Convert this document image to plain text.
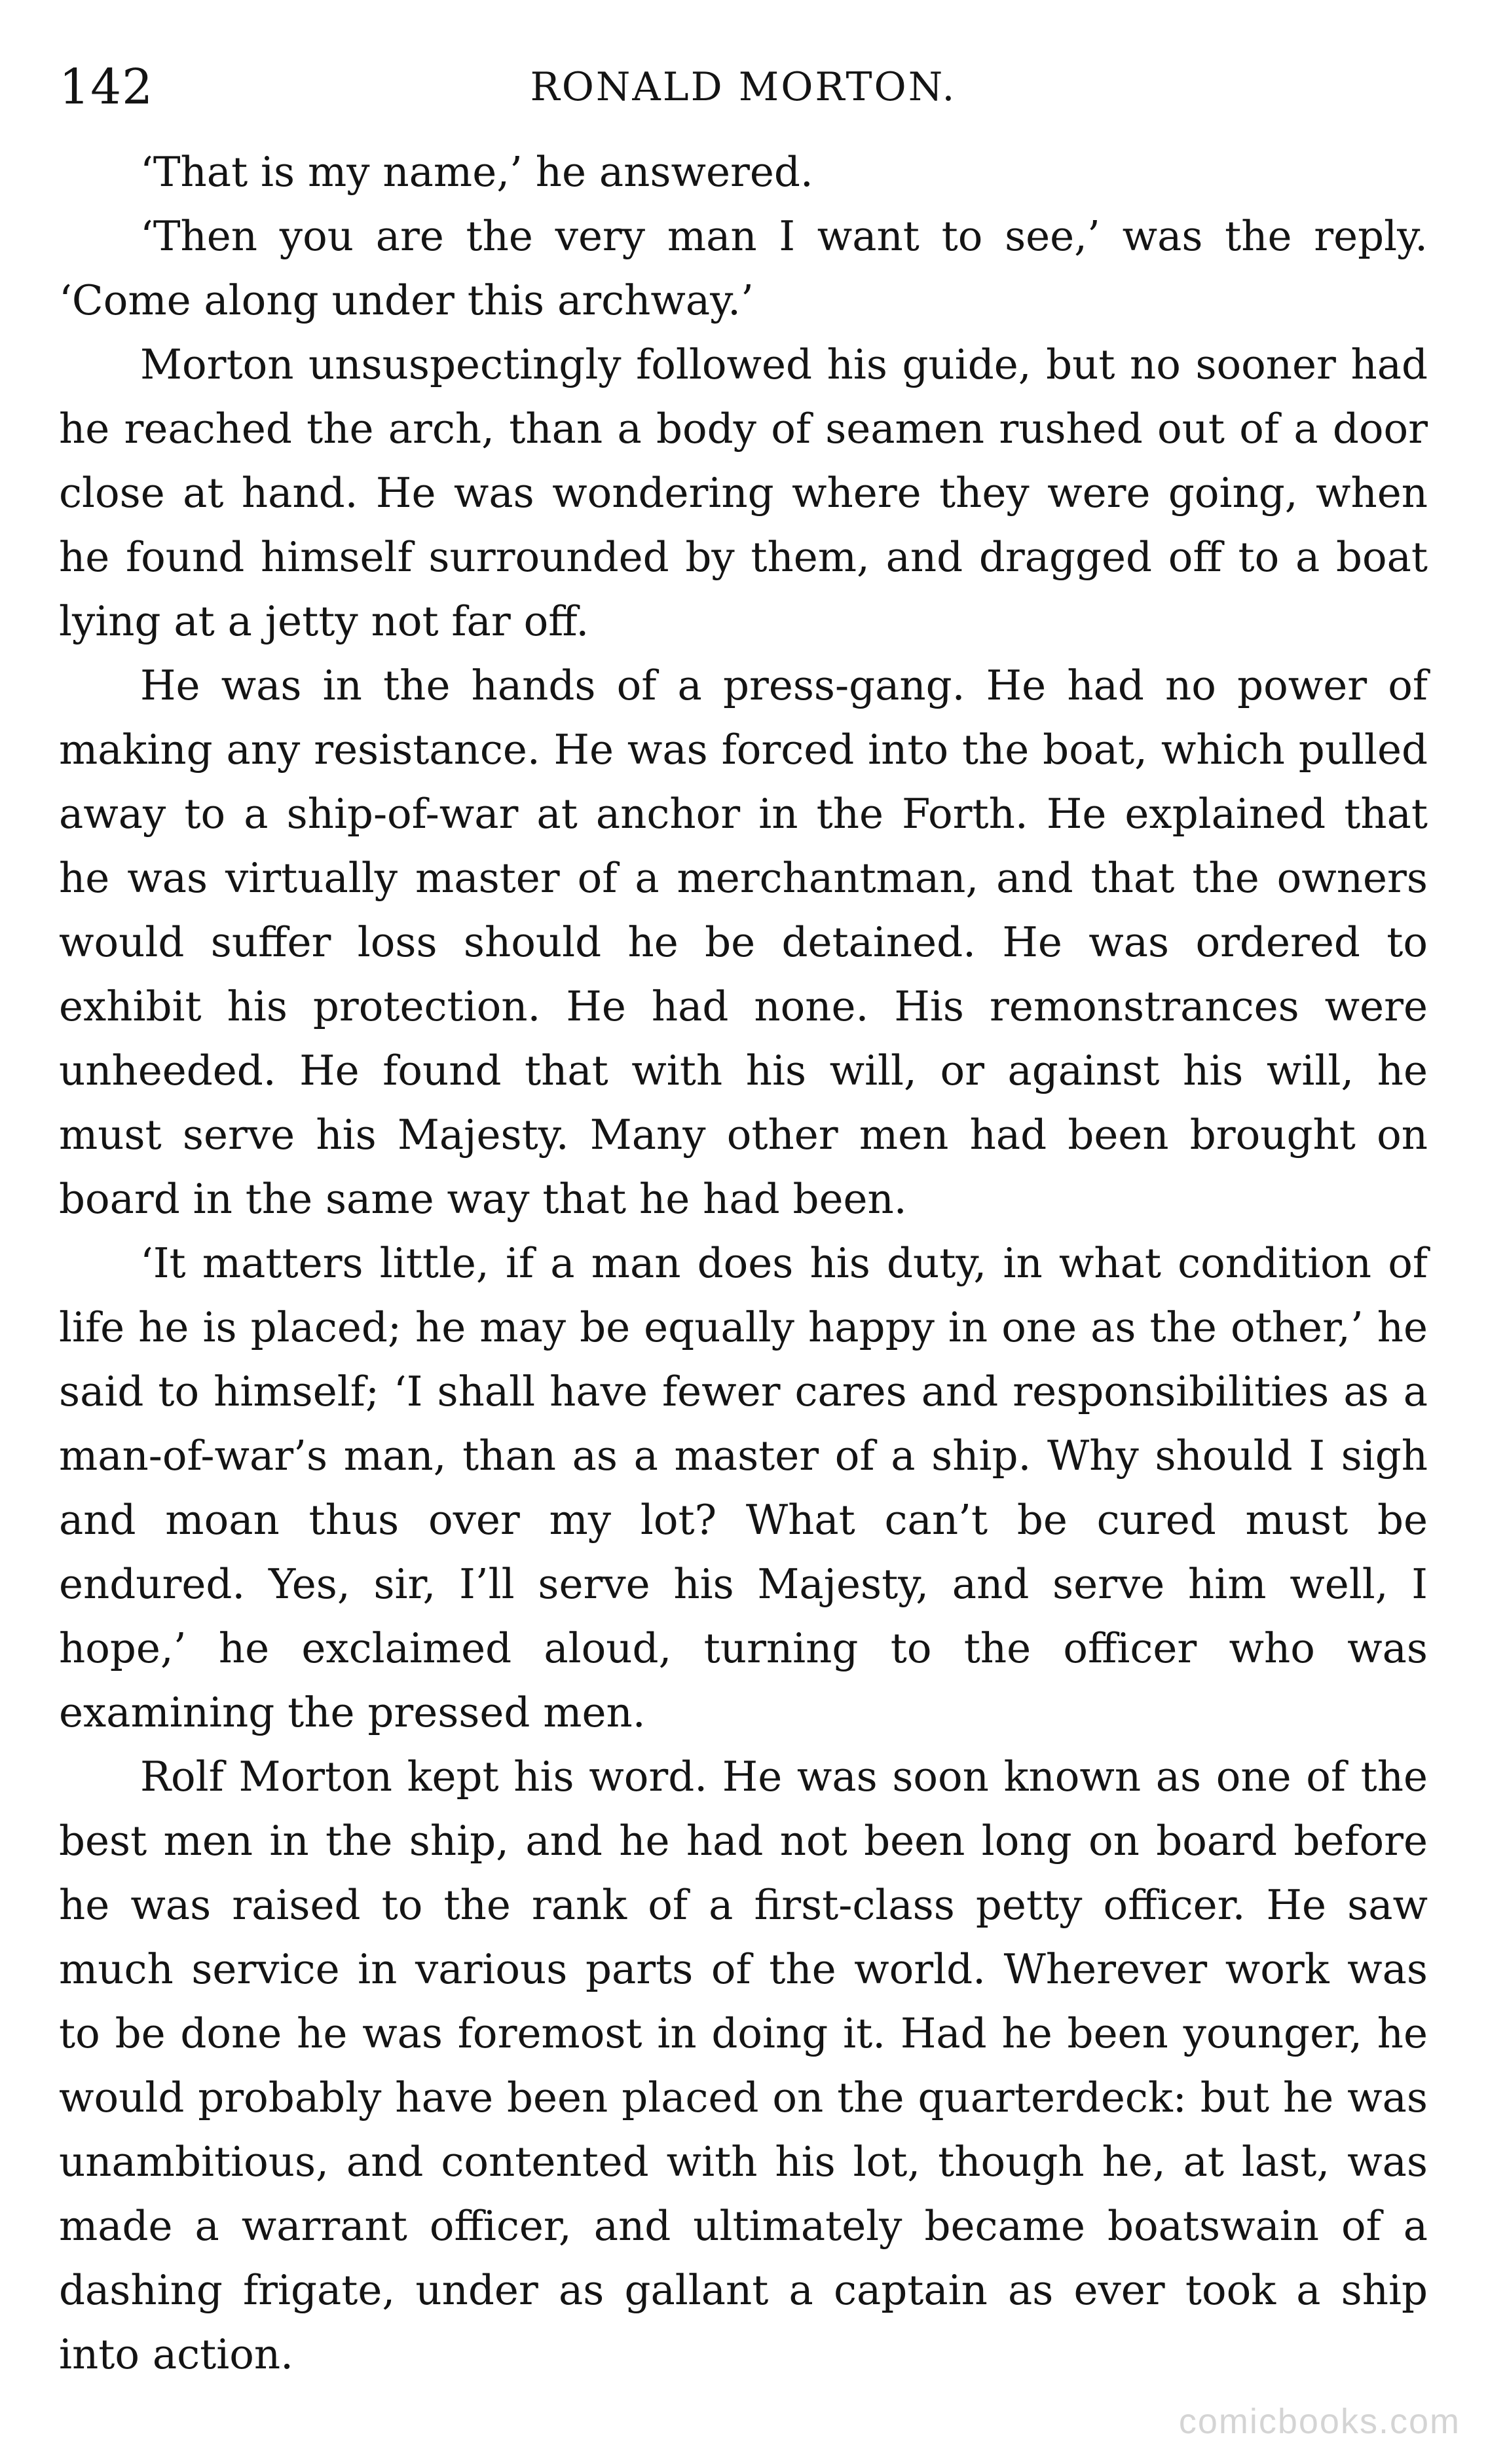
142	RONALD MORTON.

‘That is my name,’ he answered.

‘Then you are the very man I want to see,’ was the reply. ‘Come along under this archway.’

Morton unsuspectingly followed his guide, but no sooner had he reached the arch, than a body of seamen rushed out of a door close at hand. He was wondering where they were going, when he found himself surrounded by them, and dragged off to a boat lying at a jetty not far off.

He was in the hands of a press-gang. He had no power of making any resistance. He was forced into the boat, which pulled away to a ship-of-war at anchor in the Forth. He explained that he was virtually master of a merchantman, and that the owners would suffer loss should he be detained. He was ordered to exhibit his protection. He had none. His remonstrances were unheeded. He found that with his will, or against his will, he must serve his Majesty. Many other men had been brought on board in the same way that he had been.

‘It matters little, if a man does his duty, in what condition of life he is placed; he may be equally happy in one as the other,’ he said to himself; ‘I shall have fewer cares and responsibilities as a man-of-war’s man, than as a master of a ship. Why should I sigh and moan thus over my lot? What can’t be cured must be endured. Yes, sir, I’ll serve his Majesty, and serve him well, I hope,’ he exclaimed aloud, turning to the officer who was examining the pressed men.

Rolf Morton kept his word. He was soon known as one of the best men in the ship, and he had not been long on board before he was raised to the rank of a first-class petty officer. He saw much service in various parts of the world. Wherever work was to be done he was foremost in doing it. Had he been younger, he would probably have been placed on the quarterdeck: but he was unambitious, and contented with his lot, though he, at last, was made a warrant officer, and ultimately became boatswain of a dashing frigate, under as gallant a captain as ever took a ship into action.

comicbooks.com
